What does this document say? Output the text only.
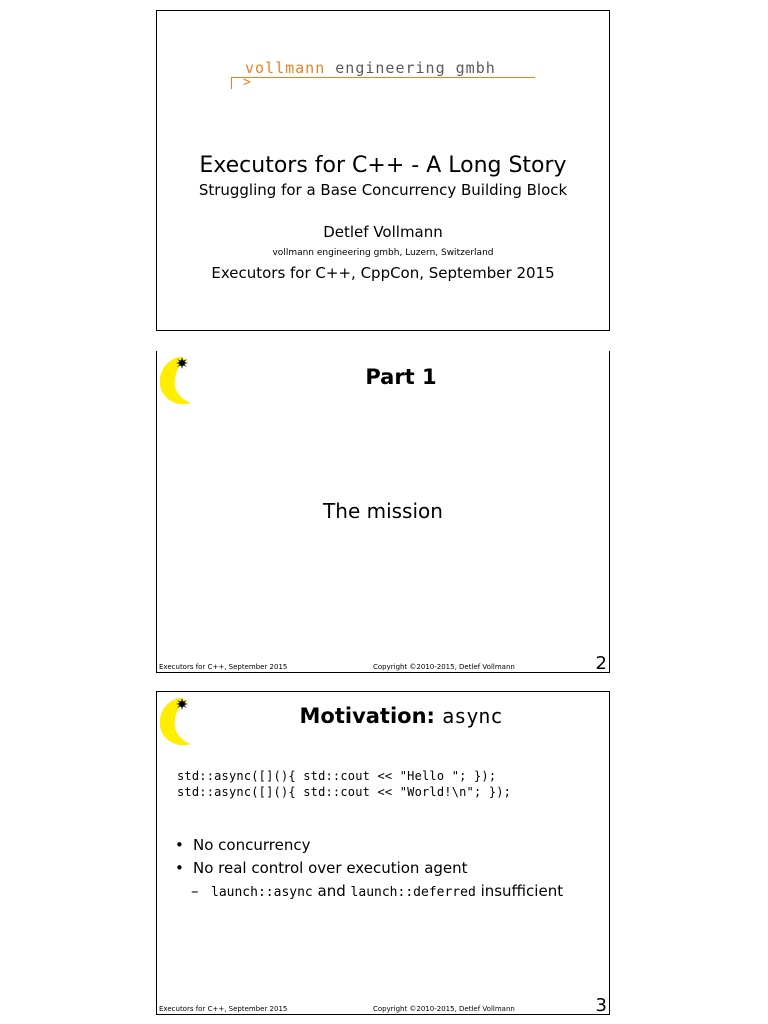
vollmann engineering gmbh
>
Executors for C++ - A Long Story
Struggling for a Base Concurrency Building Block
Detlef Vollmann
vollmann engineering gmbh, Luzern, Switzerland
Executors for C++, CppCon, September 2015
Part 1
The mission
Executors for C++, September 2015	Copyright ©2010-2015, Detlef Vollmann	2
Motivation: async
std::async([](){ std::cout << "Hello "; });
std::async([](){ std::cout << "World!\n"; });
• No concurrency
• No real control over execution agent
– launch::async and launch::deferred insufficient
Executors for C++, September 2015	Copyright ©2010-2015, Detlef Vollmann	3
